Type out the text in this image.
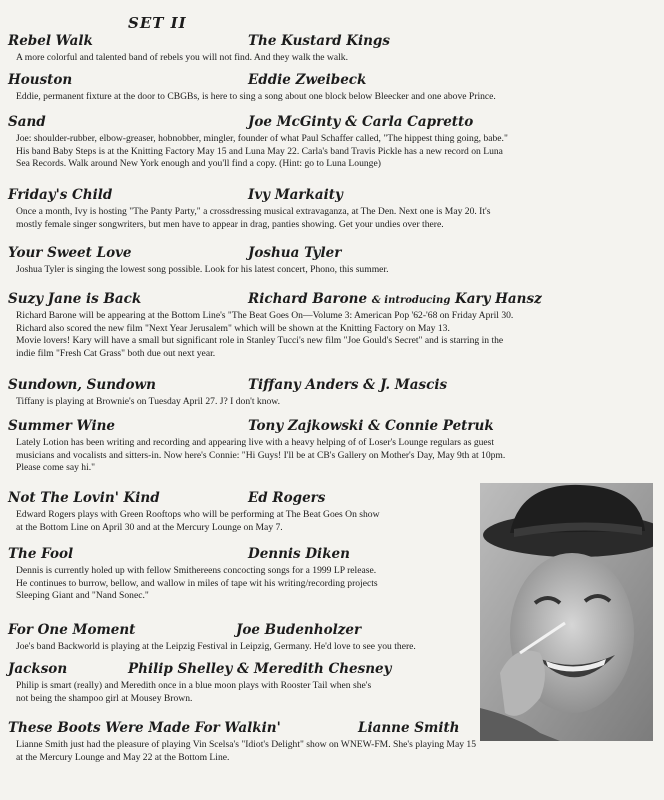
SET II
Rebel Walk	The Kustard Kings
A more colorful and talented band of rebels you will not find. And they walk the walk.
Houston	Eddie Zweibeck
Eddie, permanent fixture at the door to CBGBs, is here to sing a song about one block below Bleecker and one above Prince.
Sand	Joe McGinty & Carla Capretto
Joe: shoulder-rubber, elbow-greaser, hobnobber, mingler, founder of what Paul Schaffer called, "The hippest thing going, babe."
His band Baby Steps is at the Knitting Factory May 15 and Luna May 22. Carla's band Travis Pickle has a new record on Luna
Sea Records. Walk around New York enough and you'll find a copy. (Hint: go to Luna Lounge)
Friday's Child	Ivy Markaity
Once a month, Ivy is hosting "The Panty Party," a crossdressing musical extravaganza, at The Den. Next one is May 20. It's
mostly female singer songwriters, but men have to appear in drag, panties showing. Get your undies over there.
Your Sweet Love	Joshua Tyler
Joshua Tyler is singing the lowest song possible. Look for his latest concert, Phono, this summer.
Suzy Jane is Back	Richard Barone & introducing Kary Hansz
Richard Barone will be appearing at the Bottom Line's "The Beat Goes On—Volume 3: American Pop '62-'68 on Friday April 30.
Richard also scored the new film "Next Year Jerusalem" which will be shown at the Knitting Factory on May 13.
Movie lovers! Kary will have a small but significant role in Stanley Tucci's new film "Joe Gould's Secret" and is starring in the
indie film "Fresh Cat Grass" both due out next year.
Sundown, Sundown	Tiffany Anders & J. Mascis
Tiffany is playing at Brownie's on Tuesday April 27. J? I don't know.
Summer Wine	Tony Zajkowski & Connie Petruk
Lately Lotion has been writing and recording and appearing live with a heavy helping of of Loser's Lounge regulars as guest
musicians and vocalists and sitters-in. Now here's Connie: "Hi Guys! I'll be at CB's Gallery on Mother's Day, May 9th at 10pm.
Please come say hi."
Not The Lovin' Kind	Ed Rogers
Edward Rogers plays with Green Rooftops who will be performing at The Beat Goes On show
at the Bottom Line on April 30 and at the Mercury Lounge on May 7.
The Fool	Dennis Diken
Dennis is currently holed up with fellow Smithereens concocting songs for a 1999 LP release.
He continues to burrow, bellow, and wallow in miles of tape wit his writing/recording projects
Sleeping Giant and "Nand Sonec."
For One Moment	Joe Budenholzer
Joe's band Backworld is playing at the Leipzig Festival in Leipzig, Germany. He'd love to see you there.
Jackson	Philip Shelley & Meredith Chesney
Philip is smart (really) and Meredith once in a blue moon plays with Rooster Tail when she's
not being the shampoo girl at Mousey Brown.
These Boots Were Made For Walkin'	Lianne Smith
Lianne Smith just had the pleasure of playing Vin Scelsa's "Idiot's Delight" show on WNEW-FM. She's playing May 15
at the Mercury Lounge and May 22 at the Bottom Line.
